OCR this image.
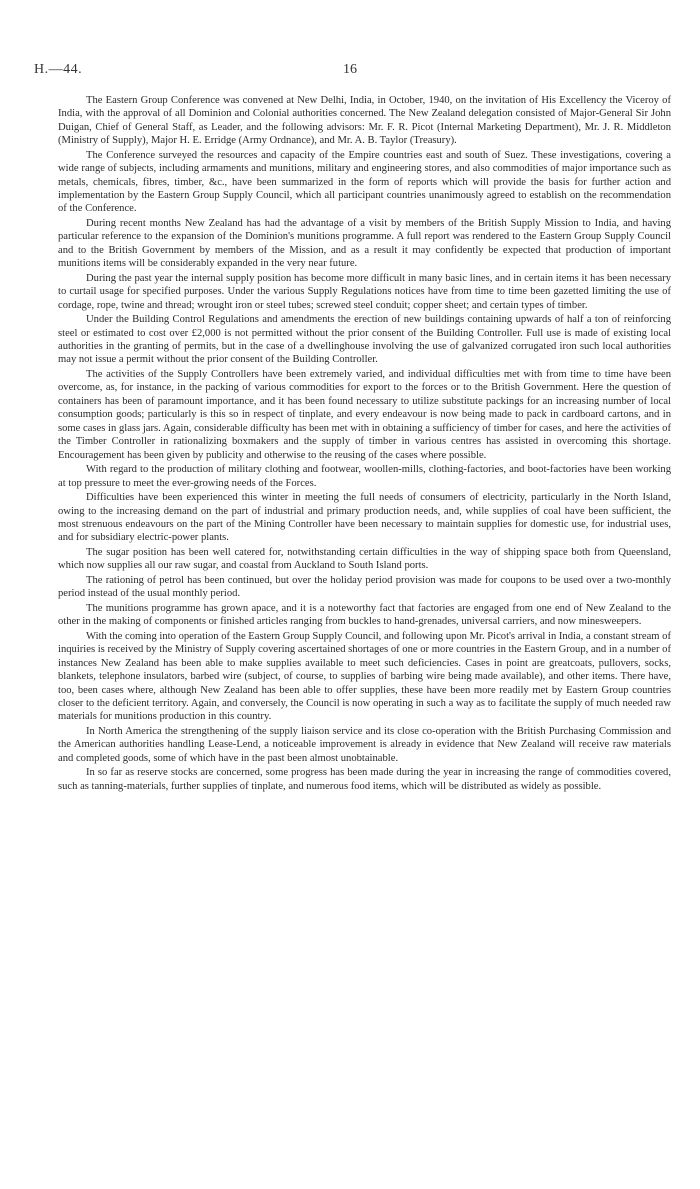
H.—44.	16

The Eastern Group Conference was convened at New Delhi, India, in October, 1940, on the invitation of His Excellency the Viceroy of India, with the approval of all Dominion and Colonial authorities concerned. The New Zealand delegation consisted of Major-General Sir John Duigan, Chief of General Staff, as Leader, and the following advisors: Mr. F. R. Picot (Internal Marketing Department), Mr. J. R. Middleton (Ministry of Supply), Major H. E. Erridge (Army Ordnance), and Mr. A. B. Taylor (Treasury).

The Conference surveyed the resources and capacity of the Empire countries east and south of Suez. These investigations, covering a wide range of subjects, including armaments and munitions, military and engineering stores, and also commodities of major importance such as metals, chemicals, fibres, timber, &c., have been summarized in the form of reports which will provide the basis for further action and implementation by the Eastern Group Supply Council, which all participant countries unanimously agreed to establish on the recommendation of the Conference.

During recent months New Zealand has had the advantage of a visit by members of the British Supply Mission to India, and having particular reference to the expansion of the Dominion's munitions programme. A full report was rendered to the Eastern Group Supply Council and to the British Government by members of the Mission, and as a result it may confidently be expected that production of important munitions items will be considerably expanded in the very near future.

During the past year the internal supply position has become more difficult in many basic lines, and in certain items it has been necessary to curtail usage for specified purposes. Under the various Supply Regulations notices have from time to time been gazetted limiting the use of cordage, rope, twine and thread; wrought iron or steel tubes; screwed steel conduit; copper sheet; and certain types of timber.

Under the Building Control Regulations and amendments the erection of new buildings containing upwards of half a ton of reinforcing steel or estimated to cost over £2,000 is not permitted without the prior consent of the Building Controller. Full use is made of existing local authorities in the granting of permits, but in the case of a dwellinghouse involving the use of galvanized corrugated iron such local authorities may not issue a permit without the prior consent of the Building Controller.

The activities of the Supply Controllers have been extremely varied, and individual difficulties met with from time to time have been overcome, as, for instance, in the packing of various commodities for export to the forces or to the British Government. Here the question of containers has been of paramount importance, and it has been found necessary to utilize substitute packings for an increasing number of local consumption goods; particularly is this so in respect of tinplate, and every endeavour is now being made to pack in cardboard cartons, and in some cases in glass jars. Again, considerable difficulty has been met with in obtaining a sufficiency of timber for cases, and here the activities of the Timber Controller in rationalizing boxmakers and the supply of timber in various centres has assisted in overcoming this shortage. Encouragement has been given by publicity and otherwise to the reusing of the cases where possible.

With regard to the production of military clothing and footwear, woollen-mills, clothing-factories, and boot-factories have been working at top pressure to meet the ever-growing needs of the Forces.

Difficulties have been experienced this winter in meeting the full needs of consumers of electricity, particularly in the North Island, owing to the increasing demand on the part of industrial and primary production needs, and, while supplies of coal have been sufficient, the most strenuous endeavours on the part of the Mining Controller have been necessary to maintain supplies for domestic use, for industrial uses, and for subsidiary electric-power plants.

The sugar position has been well catered for, notwithstanding certain difficulties in the way of shipping space both from Queensland, which now supplies all our raw sugar, and coastal from Auckland to South Island ports.

The rationing of petrol has been continued, but over the holiday period provision was made for coupons to be used over a two-monthly period instead of the usual monthly period.

The munitions programme has grown apace, and it is a noteworthy fact that factories are engaged from one end of New Zealand to the other in the making of components or finished articles ranging from buckles to hand-grenades, universal carriers, and now minesweepers.

With the coming into operation of the Eastern Group Supply Council, and following upon Mr. Picot's arrival in India, a constant stream of inquiries is received by the Ministry of Supply covering ascertained shortages of one or more countries in the Eastern Group, and in a number of instances New Zealand has been able to make supplies available to meet such deficiencies. Cases in point are greatcoats, pullovers, socks, blankets, telephone insulators, barbed wire (subject, of course, to supplies of barbing wire being made available), and other items. There have, too, been cases where, although New Zealand has been able to offer supplies, these have been more readily met by Eastern Group countries closer to the deficient territory. Again, and conversely, the Council is now operating in such a way as to facilitate the supply of much needed raw materials for munitions production in this country.

In North America the strengthening of the supply liaison service and its close co-operation with the British Purchasing Commission and the American authorities handling Lease-Lend, a noticeable improvement is already in evidence that New Zealand will receive raw materials and completed goods, some of which have in the past been almost unobtainable.

In so far as reserve stocks are concerned, some progress has been made during the year in increasing the range of commodities covered, such as tanning-materials, further supplies of tinplate, and numerous food items, which will be distributed as widely as possible.
